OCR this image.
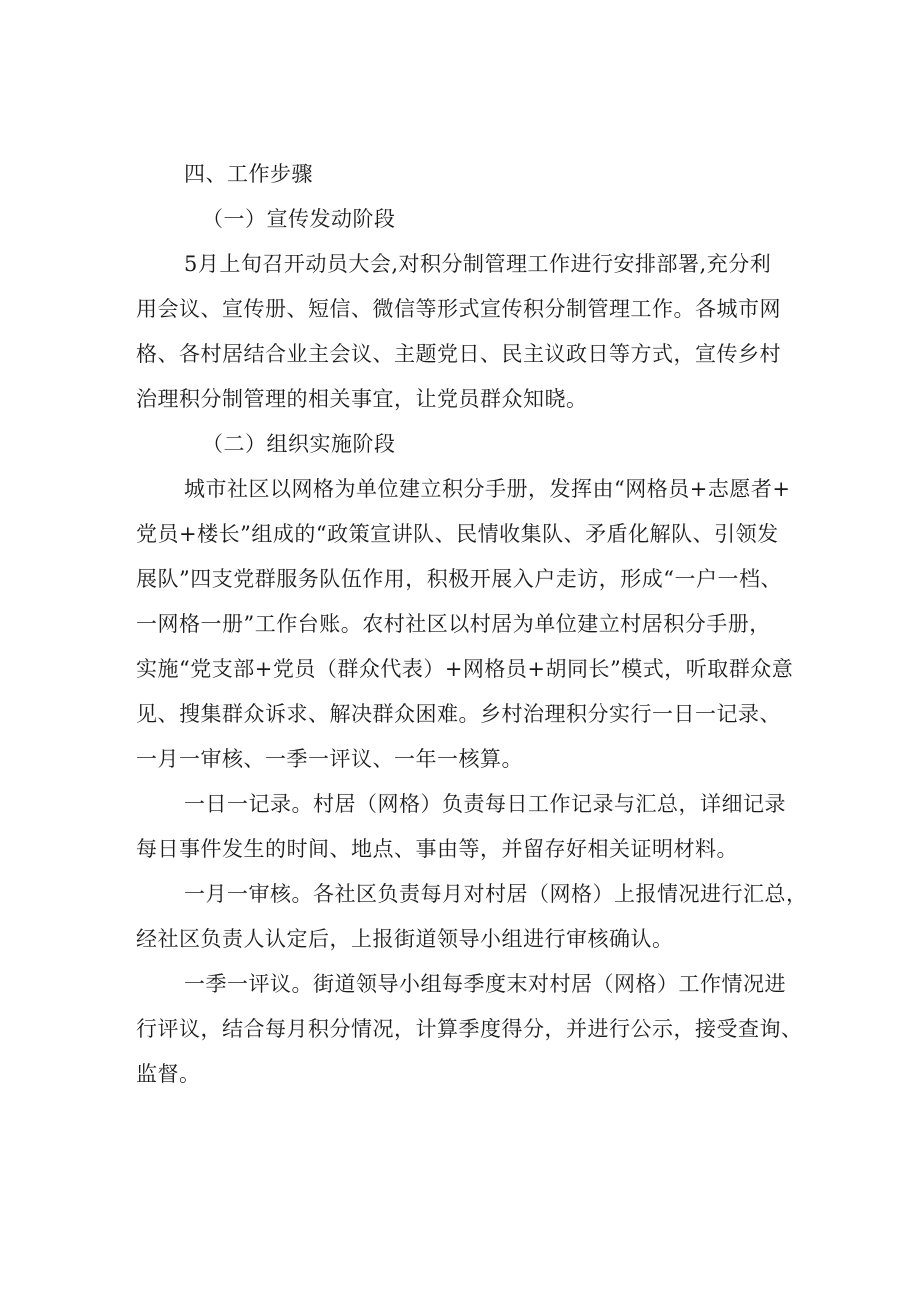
四、工作步骤

（一）宣传发动阶段

5月上旬召开动员大会,对积分制管理工作进行安排部署,充分利

用会议、宣传册、短信、微信等形式宣传积分制管理工作。各城市网

格、各村居结合业主会议、主题党日、民主议政日等方式，宣传乡村

治理积分制管理的相关事宜，让党员群众知晓。

（二）组织实施阶段

城市社区以网格为单位建立积分手册，发挥由“网格员+志愿者+

党员+楼长”组成的“政策宣讲队、民情收集队、矛盾化解队、引领发

展队”四支党群服务队伍作用，积极开展入户走访，形成“一户一档、

一网格一册”工作台账。农村社区以村居为单位建立村居积分手册，

实施“党支部+党员（群众代表）+网格员+胡同长”模式，听取群众意

见、搜集群众诉求、解决群众困难。乡村治理积分实行一日一记录、

一月一审核、一季一评议、一年一核算。

一日一记录。村居（网格）负责每日工作记录与汇总，详细记录

每日事件发生的时间、地点、事由等，并留存好相关证明材料。

一月一审核。各社区负责每月对村居（网格）上报情况进行汇总，

经社区负责人认定后，上报街道领导小组进行审核确认。

一季一评议。街道领导小组每季度末对村居（网格）工作情况进

行评议，结合每月积分情况，计算季度得分，并进行公示，接受查询、

监督。
